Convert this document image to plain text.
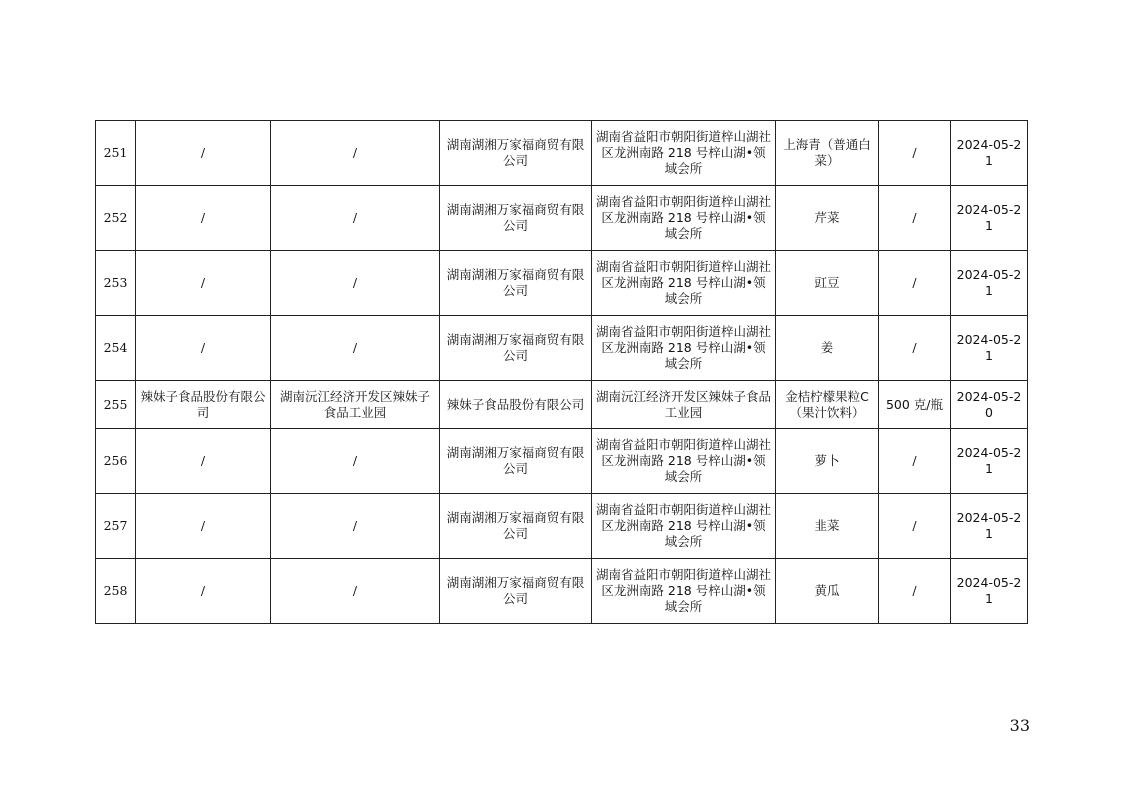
251	/	/	湖南湖湘万家福商贸有限公司	湖南省益阳市朝阳街道梓山湖社区龙洲南路 218 号梓山湖•领域会所	上海青（普通白菜）	/	2024-05-21
252	/	/	湖南湖湘万家福商贸有限公司	湖南省益阳市朝阳街道梓山湖社区龙洲南路 218 号梓山湖•领域会所	芹菜	/	2024-05-21
253	/	/	湖南湖湘万家福商贸有限公司	湖南省益阳市朝阳街道梓山湖社区龙洲南路 218 号梓山湖•领域会所	豇豆	/	2024-05-21
254	/	/	湖南湖湘万家福商贸有限公司	湖南省益阳市朝阳街道梓山湖社区龙洲南路 218 号梓山湖•领域会所	姜	/	2024-05-21
255	辣妹子食品股份有限公司	湖南沅江经济开发区辣妹子食品工业园	辣妹子食品股份有限公司	湖南沅江经济开发区辣妹子食品工业园	金桔柠檬果粒C（果汁饮料）	500 克/瓶	2024-05-20
256	/	/	湖南湖湘万家福商贸有限公司	湖南省益阳市朝阳街道梓山湖社区龙洲南路 218 号梓山湖•领域会所	萝卜	/	2024-05-21
257	/	/	湖南湖湘万家福商贸有限公司	湖南省益阳市朝阳街道梓山湖社区龙洲南路 218 号梓山湖•领域会所	韭菜	/	2024-05-21
258	/	/	湖南湖湘万家福商贸有限公司	湖南省益阳市朝阳街道梓山湖社区龙洲南路 218 号梓山湖•领域会所	黄瓜	/	2024-05-21
33
